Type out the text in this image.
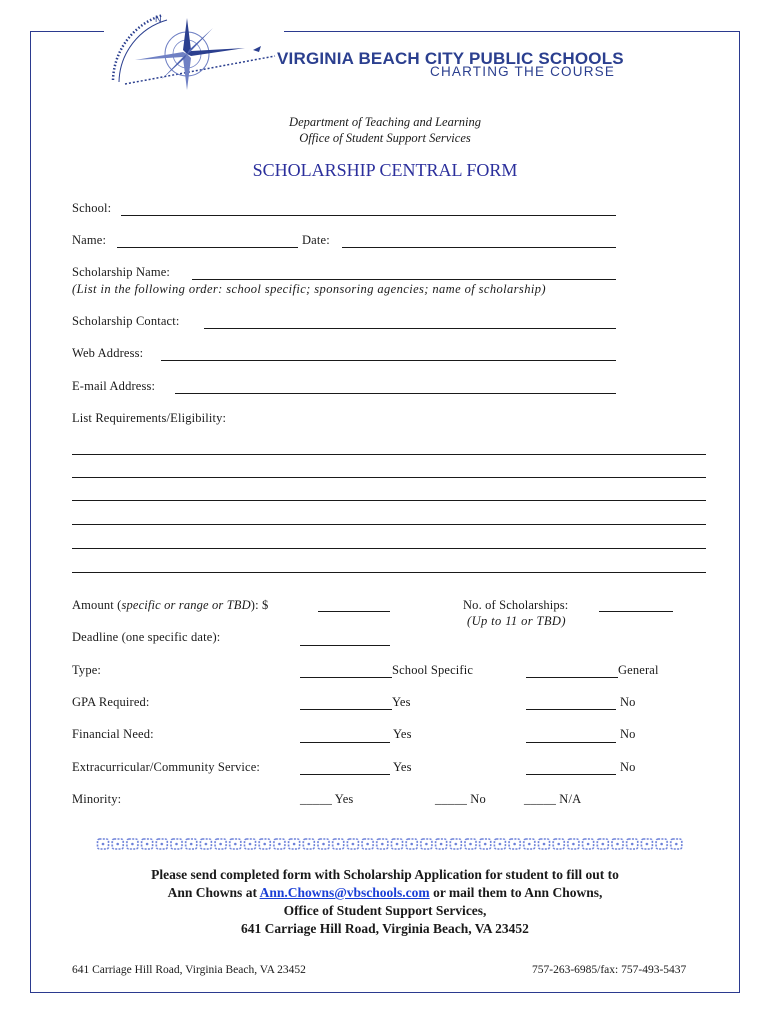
N
VIRGINIA BEACH CITY PUBLIC SCHOOLS
CHARTING THE COURSE
Department of Teaching and Learning
Office of Student Support Services
SCHOLARSHIP CENTRAL FORM
School:
Name:	Date:
Scholarship Name:
(List in the following order: school specific; sponsoring agencies; name of scholarship)
Scholarship Contact:
Web Address:
E-mail Address:
List Requirements/Eligibility:
Amount (specific or range or TBD): $	No. of Scholarships:
(Up to 11 or TBD)
Deadline (one specific date):
Type:	School Specific	General
GPA Required:	Yes	No
Financial Need:	Yes	No
Extracurricular/Community Service:	Yes	No
Minority:	_____ Yes	_____ No	_____ N/A
Please send completed form with Scholarship Application for student to fill out to
Ann Chowns at Ann.Chowns@vbschools.com or mail them to Ann Chowns,
Office of Student Support Services,
641 Carriage Hill Road, Virginia Beach, VA 23452
641 Carriage Hill Road, Virginia Beach, VA 23452	757-263-6985/fax: 757-493-5437
